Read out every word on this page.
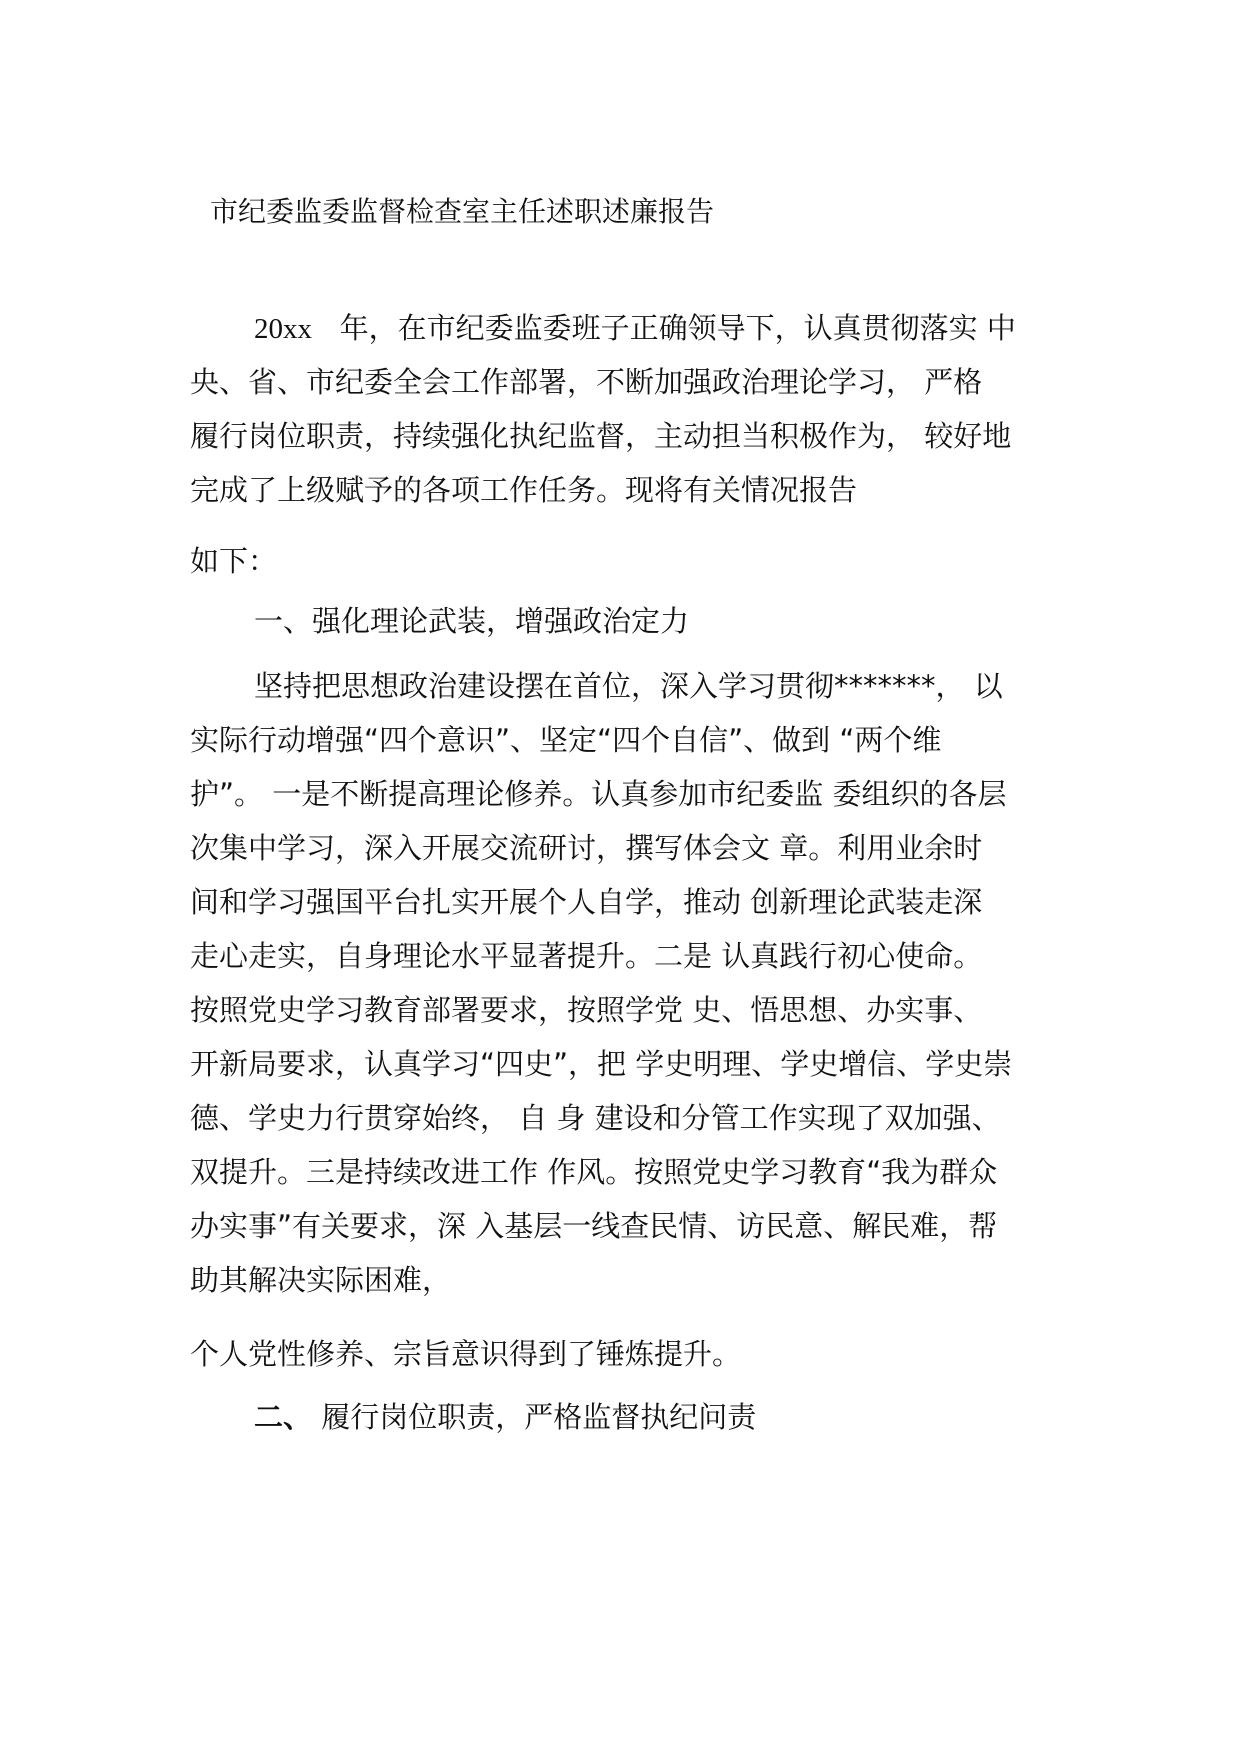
市纪委监委监督检查室主任述职述廉报告
20xx 年，在市纪委监委班子正确领导下，认真贯彻落实 中
央、省、市纪委全会工作部署，不断加强政治理论学习， 严格
履行岗位职责，持续强化执纪监督，主动担当积极作为， 较好地
完成了上级赋予的各项工作任务。现将有关情况报告
如下：
一、强化理论武装，增强政治定力
坚持把思想政治建设摆在首位，深入学习贯彻*******， 以
实际行动增强“四个意识”、坚定“四个自信”、做到 “两个维
护”。 一是不断提高理论修养。认真参加市纪委监 委组织的各层
次集中学习，深入开展交流研讨，撰写体会文 章。利用业余时
间和学习强国平台扎实开展个人自学，推动 创新理论武装走深
走心走实，自身理论水平显著提升。二是 认真践行初心使命。
按照党史学习教育部署要求，按照学党 史、悟思想、办实事、
开新局要求，认真学习“四史”，把 学史明理、学史增信、学史崇
德、学史力行贯穿始终， 自 身 建设和分管工作实现了双加强、
双提升。三是持续改进工作 作风。按照党史学习教育“我为群众
办实事”有关要求，深 入基层一线查民情、访民意、解民难，帮
助其解决实际困难，
个人党性修养、宗旨意识得到了锤炼提升。
二、 履行岗位职责，严格监督执纪问责
